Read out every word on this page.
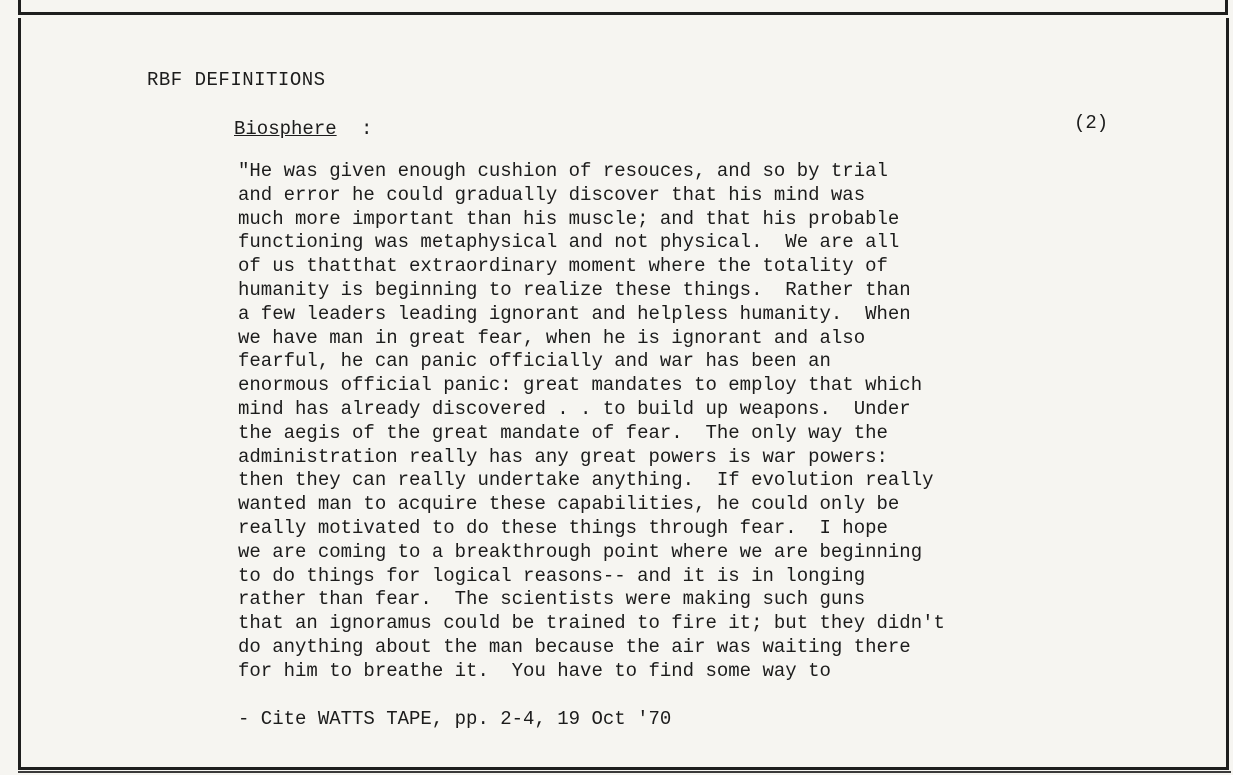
RBF DEFINITIONS
Biosphere :	(2)
"He was given enough cushion of resouces, and so by trial
and error he could gradually discover that his mind was
much more important than his muscle; and that his probable
functioning was metaphysical and not physical.  We are all
of us thatthat extraordinary moment where the totality of
humanity is beginning to realize these things.  Rather than
a few leaders leading ignorant and helpless humanity.  When
we have man in great fear, when he is ignorant and also
fearful, he can panic officially and war has been an
enormous official panic: great mandates to employ that which
mind has already discovered . . to build up weapons.  Under
the aegis of the great mandate of fear.  The only way the
administration really has any great powers is war powers:
then they can really undertake anything.  If evolution really
wanted man to acquire these capabilities, he could only be
really motivated to do these things through fear.  I hope
we are coming to a breakthrough point where we are beginning
to do things for logical reasons-- and it is in longing
rather than fear.  The scientists were making such guns
that an ignoramus could be trained to fire it; but they didn't
do anything about the man because the air was waiting there
for him to breathe it.  You have to find some way to
- Cite WATTS TAPE, pp. 2-4, 19 Oct '70
